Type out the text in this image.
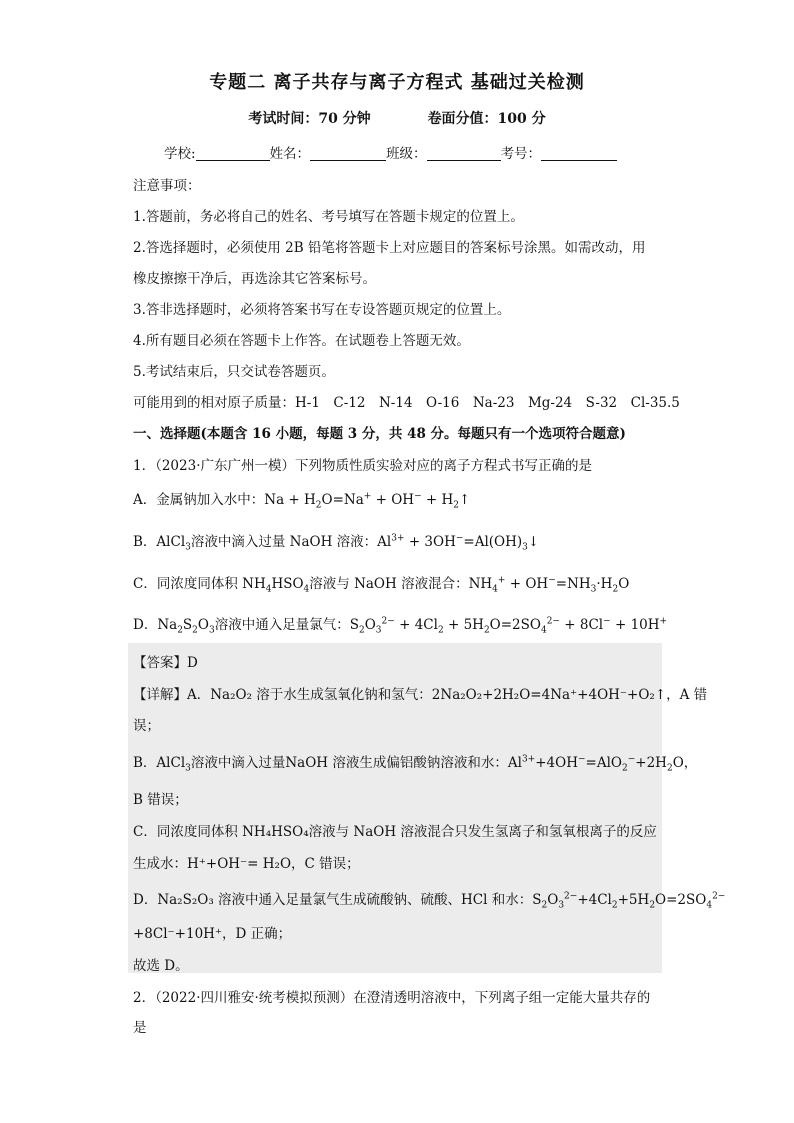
专题二 离子共存与离子方程式 基础过关检测
考试时间：70 分钟	卷面分值：100 分
学校:	姓名：	班级：	考号：
注意事项：
1.答题前，务必将自己的姓名、考号填写在答题卡规定的位置上。
2.答选择题时，必须使用 2B 铅笔将答题卡上对应题目的答案标号涂黑。如需改动，用
橡皮擦擦干净后，再选涂其它答案标号。
3.答非选择题时，必须将答案书写在专设答题页规定的位置上。
4.所有题目必须在答题卡上作答。在试题卷上答题无效。
5.考试结束后，只交试卷答题页。
可能用到的相对原子质量：H-1　C-12　N-14　O-16　Na-23　Mg-24　S-32　Cl-35.5
一、选择题(本题含 16 小题，每题 3 分，共 48 分。每题只有一个选项符合题意)
1．（2023·广东广州一模）下列物质性质实验对应的离子方程式书写正确的是
A．金属钠加入水中：$Na + H_2O=Na^+ + OH^-$ + $H_2↑$
B．AlCl$_3$溶液中滴入过量 NaOH 溶液：$Al^{3+}$ + $3OH^-=Al(OH)_3↓$
C．同浓度同体积 $NH_4HSO_4$溶液与 NaOH 溶液混合：$NH_4^+ + OH^-=NH_3\cdot H_2O$
D．$Na_2S_2O_3$溶液中通入足量氯气：$S_2O_3^{2-} + 4Cl_2 + 5H_2O=2SO_4^{2-} + 8Cl^- + 10H^+$
【答案】D
【详解】A．Na₂O₂ 溶于水生成氢氧化钠和氢气：2Na₂O₂+2H₂O=4Na⁺+4OH⁻+O₂↑，A 错
误；
B．AlCl$_3$溶液中滴入过量NaOH 溶液生成偏铝酸钠溶液和水：$Al^{3+}+4OH^-=AlO_2^-+2H_2O$，
B 错误；
C．同浓度同体积 NH₄HSO₄溶液与 NaOH 溶液混合只发生氢离子和氢氧根离子的反应
生成水：H⁺+OH⁻= H₂O，C 错误；
D．Na₂S₂O₃ 溶液中通入足量氯气生成硫酸钠、硫酸、HCl 和水：$S_2O_3^{2-}+4Cl_2+5H_2O=2SO_4^{2-}$
+8Cl⁻+10H⁺，D 正确；
故选 D。
2．（2022·四川雅安·统考模拟预测）在澄清透明溶液中，下列离子组一定能大量共存的
是
